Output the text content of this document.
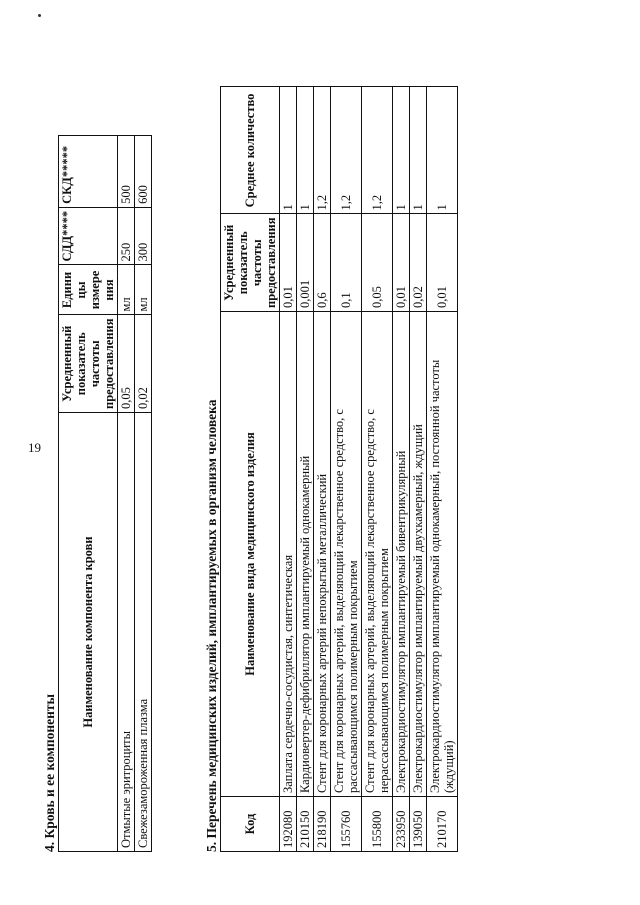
19
4. Кровь и ее компоненты
Наименование компонента крови	Усредненный показатель частоты предоставления	Едини цы измере ния	СДД****	СКД*****
Отмытые эритроциты	0,05	мл	250	500
Свежезамороженная плазма	0,02	мл	300	600
5. Перечень медицинских изделий, имплантируемых в организм человека Код	Наименование вида медицинского изделия	Усредненный показатель частоты предоставления	Среднее количество
192080	Заплата сердечно-сосудистая, синтетическая	0,01	1
210150	Кардиовертер-дефибриллятор имплантируемый однокамерный	0,001	1
218190	Стент для коронарных артерий непокрытый металлический	0,6	1,2
155760	Стент для коронарных артерий, выделяющий лекарственное средство, с рассасывающимся полимерным покрытием	0,1	1,2
155800	Стент для коронарных артерий, выделяющий лекарственное средство, с нерассасывающимся полимерным покрытием	0,05	1,2
233950	Электрокардиостимулятор имплантируемый бивентрикулярный	0,01	1
139050	Электрокардиостимулятор имплантируемый двухкамерный, ждущий	0,02	1
210170	Электрокардиостимулятор имплантируемый однокамерный, постоянной частоты (ждущий)	0,01	1
